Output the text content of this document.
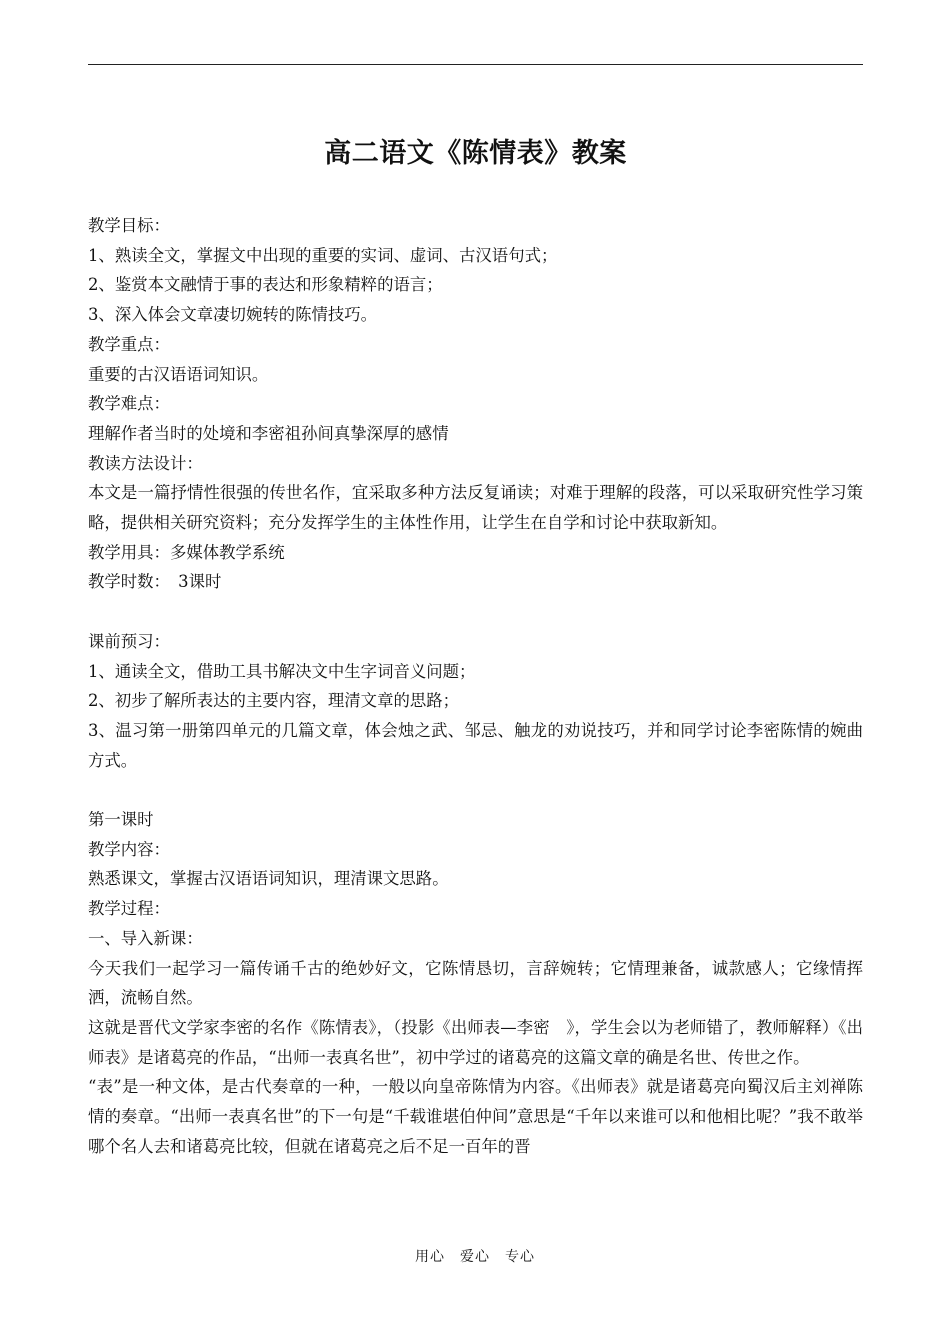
高二语文《陈情表》教案

教学目标：

1、熟读全文，掌握文中出现的重要的实词、虚词、古汉语句式；

2、鉴赏本文融情于事的表达和形象精粹的语言；

3、深入体会文章凄切婉转的陈情技巧。

教学重点：

重要的古汉语语词知识。

教学难点：

理解作者当时的处境和李密祖孙间真挚深厚的感情

教读方法设计：

本文是一篇抒情性很强的传世名作，宜采取多种方法反复诵读；对难于理解的段落，可以采取研究性学习策略，提供相关研究资料；充分发挥学生的主体性作用，让学生在自学和讨论中获取新知。

教学用具：多媒体教学系统

教学时数：　3课时

课前预习：

1、通读全文，借助工具书解决文中生字词音义问题；

2、初步了解所表达的主要内容，理清文章的思路；

3、温习第一册第四单元的几篇文章，体会烛之武、邹忌、触龙的劝说技巧，并和同学讨论李密陈情的婉曲方式。

第一课时

教学内容：

熟悉课文，掌握古汉语语词知识，理清课文思路。

教学过程：

一、导入新课：

今天我们一起学习一篇传诵千古的绝妙好文，它陈情恳切，言辞婉转；它情理兼备，诚款感人；它缘情挥洒，流畅自然。

这就是晋代文学家李密的名作《陈情表》，（投影《出师表—李密　》，学生会以为老师错了，教师解释）《出师表》是诸葛亮的作品，“出师一表真名世”，初中学过的诸葛亮的这篇文章的确是名世、传世之作。

“表”是一种文体，是古代奏章的一种，一般以向皇帝陈情为内容。《出师表》就是诸葛亮向蜀汉后主刘禅陈情的奏章。“出师一表真名世”的下一句是“千载谁堪伯仲间”意思是“千年以来谁可以和他相比呢？”我不敢举哪个名人去和诸葛亮比较，但就在诸葛亮之后不足一百年的晋

用心　爱心　专心
